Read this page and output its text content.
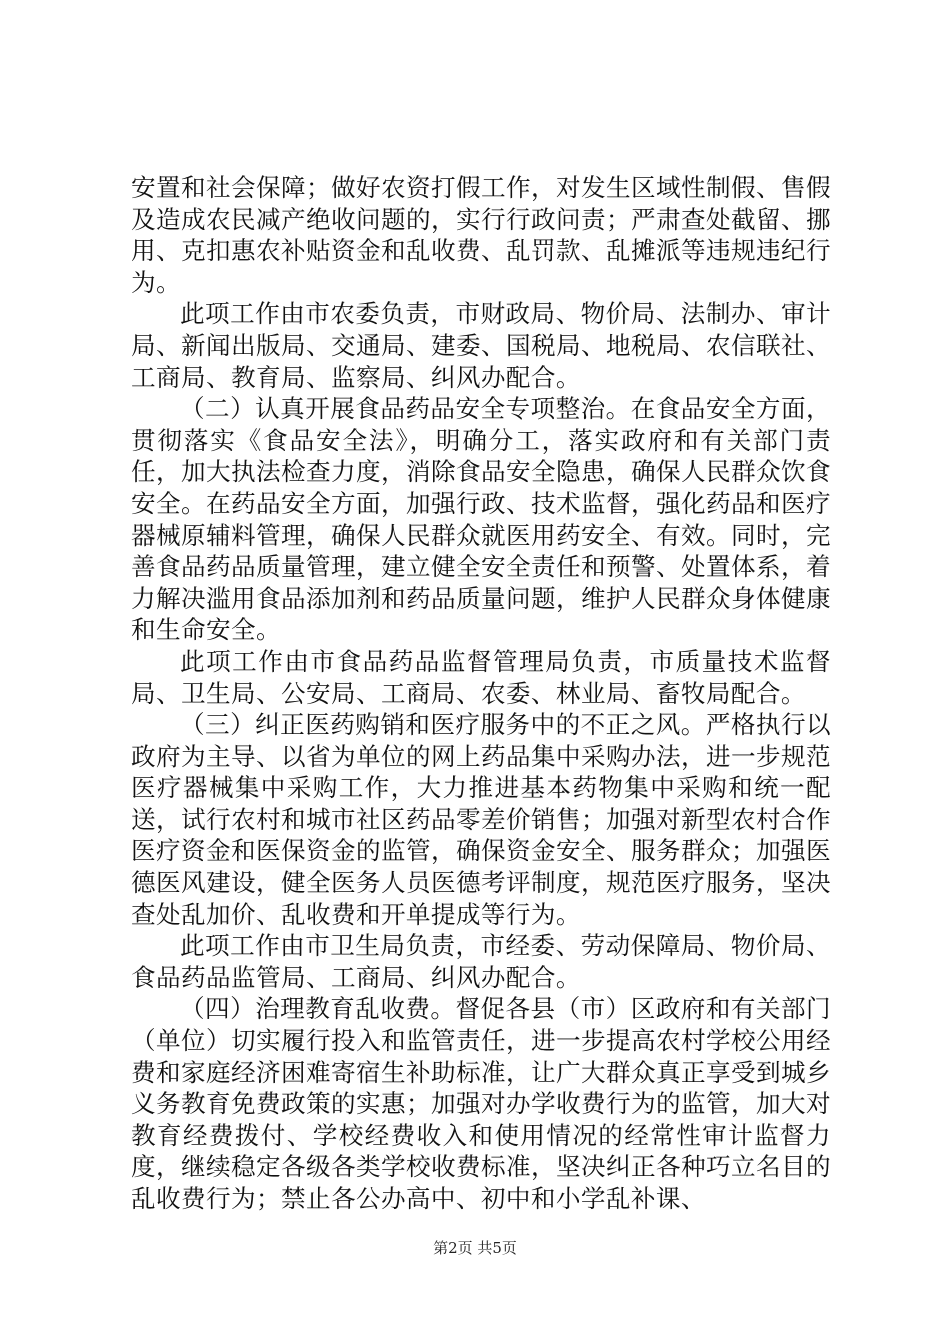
安置和社会保障；做好农资打假工作，对发生区域性制假、售假及造成农民减产绝收问题的，实行行政问责；严肃查处截留、挪用、克扣惠农补贴资金和乱收费、乱罚款、乱摊派等违规违纪行为。

此项工作由市农委负责，市财政局、物价局、法制办、审计局、新闻出版局、交通局、建委、国税局、地税局、农信联社、工商局、教育局、监察局、纠风办配合。

（二）认真开展食品药品安全专项整治。在食品安全方面，贯彻落实《食品安全法》，明确分工，落实政府和有关部门责任，加大执法检查力度，消除食品安全隐患，确保人民群众饮食安全。在药品安全方面，加强行政、技术监督，强化药品和医疗器械原辅料管理，确保人民群众就医用药安全、有效。同时，完善食品药品质量管理，建立健全安全责任和预警、处置体系，着力解决滥用食品添加剂和药品质量问题，维护人民群众身体健康和生命安全。

此项工作由市食品药品监督管理局负责，市质量技术监督局、卫生局、公安局、工商局、农委、林业局、畜牧局配合。

（三）纠正医药购销和医疗服务中的不正之风。严格执行以政府为主导、以省为单位的网上药品集中采购办法，进一步规范医疗器械集中采购工作，大力推进基本药物集中采购和统一配送，试行农村和城市社区药品零差价销售；加强对新型农村合作医疗资金和医保资金的监管，确保资金安全、服务群众；加强医德医风建设，健全医务人员医德考评制度，规范医疗服务，坚决查处乱加价、乱收费和开单提成等行为。

此项工作由市卫生局负责，市经委、劳动保障局、物价局、食品药品监管局、工商局、纠风办配合。

（四）治理教育乱收费。督促各县（市）区政府和有关部门（单位）切实履行投入和监管责任，进一步提高农村学校公用经费和家庭经济困难寄宿生补助标准，让广大群众真正享受到城乡义务教育免费政策的实惠；加强对办学收费行为的监管，加大对教育经费拨付、学校经费收入和使用情况的经常性审计监督力度，继续稳定各级各类学校收费标准，坚决纠正各种巧立名目的乱收费行为；禁止各公办高中、初中和小学乱补课、

第2页 共5页
